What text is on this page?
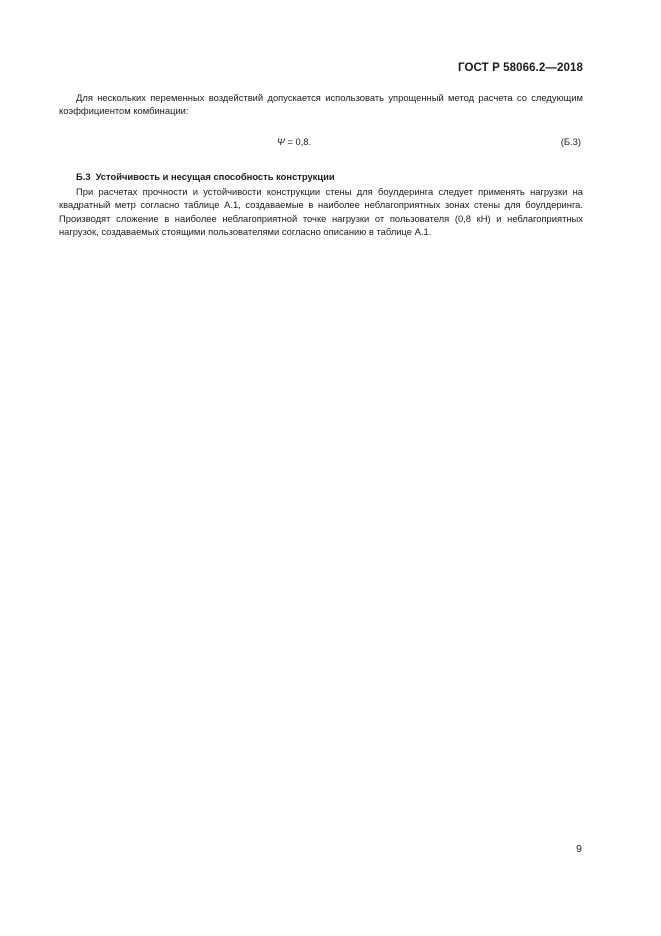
ГОСТ Р 58066.2—2018

Для нескольких переменных воздействий допускается использовать упрощенный метод расчета со следующим коэффициентом комбинации:

Ψ = 0,8.	(Б.3)
Б.3 Устойчивость и несущая способность конструкции

При расчетах прочности и устойчивости конструкции стены для боулдеринга следует применять нагрузки на квадратный метр согласно таблице А.1, создаваемые в наиболее неблагоприятных зонах стены для боулдеринга. Производят сложение в наиболее неблагоприятной точке нагрузки от пользователя (0,8 кН) и неблагоприятных нагрузок, создаваемых стоящими пользователями согласно описанию в таблице А.1.

9
